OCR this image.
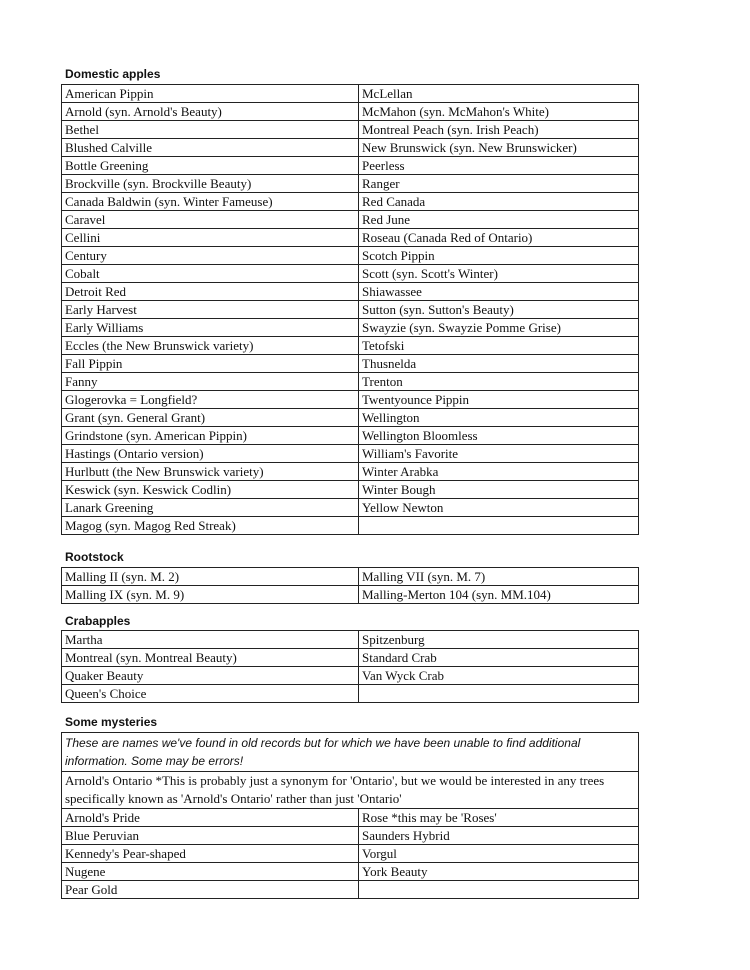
Domestic apples
American Pippin	McLellan
Arnold (syn. Arnold's Beauty)	McMahon (syn. McMahon's White)
Bethel	Montreal Peach (syn. Irish Peach)
Blushed Calville	New Brunswick (syn. New Brunswicker)
Bottle Greening	Peerless
Brockville (syn. Brockville Beauty)	Ranger
Canada Baldwin (syn. Winter Fameuse)	Red Canada
Caravel	Red June
Cellini	Roseau (Canada Red of Ontario)
Century	Scotch Pippin
Cobalt	Scott (syn. Scott's Winter)
Detroit Red	Shiawassee
Early Harvest	Sutton (syn. Sutton's Beauty)
Early Williams	Swayzie (syn. Swayzie Pomme Grise)
Eccles (the New Brunswick variety)	Tetofski
Fall Pippin	Thusnelda
Fanny	Trenton
Glogerovka = Longfield?	Twentyounce Pippin
Grant (syn. General Grant)	Wellington
Grindstone (syn. American Pippin)	Wellington Bloomless
Hastings (Ontario version)	William's Favorite
Hurlbutt (the New Brunswick variety)	Winter Arabka
Keswick (syn. Keswick Codlin)	Winter Bough
Lanark Greening	Yellow Newton
Magog (syn. Magog Red Streak)	
Rootstock
Malling II (syn. M. 2)	Malling VII (syn. M. 7)
Malling IX (syn. M. 9)	Malling-Merton 104 (syn. MM.104)
Crabapples
Martha	Spitzenburg
Montreal (syn. Montreal Beauty)	Standard Crab
Quaker Beauty	Van Wyck Crab
Queen's Choice	
Some mysteries
These are names we've found in old records but for which we have been unable to find additional information. Some may be errors!	
Arnold's Ontario *This is probably just a synonym for 'Ontario', but we would be interested in any trees specifically known as 'Arnold's Ontario' rather than just 'Ontario'	
Arnold's Pride	Rose *this may be 'Roses'
Blue Peruvian	Saunders Hybrid
Kennedy's Pear-shaped	Vorgul
Nugene	York Beauty
Pear Gold	
